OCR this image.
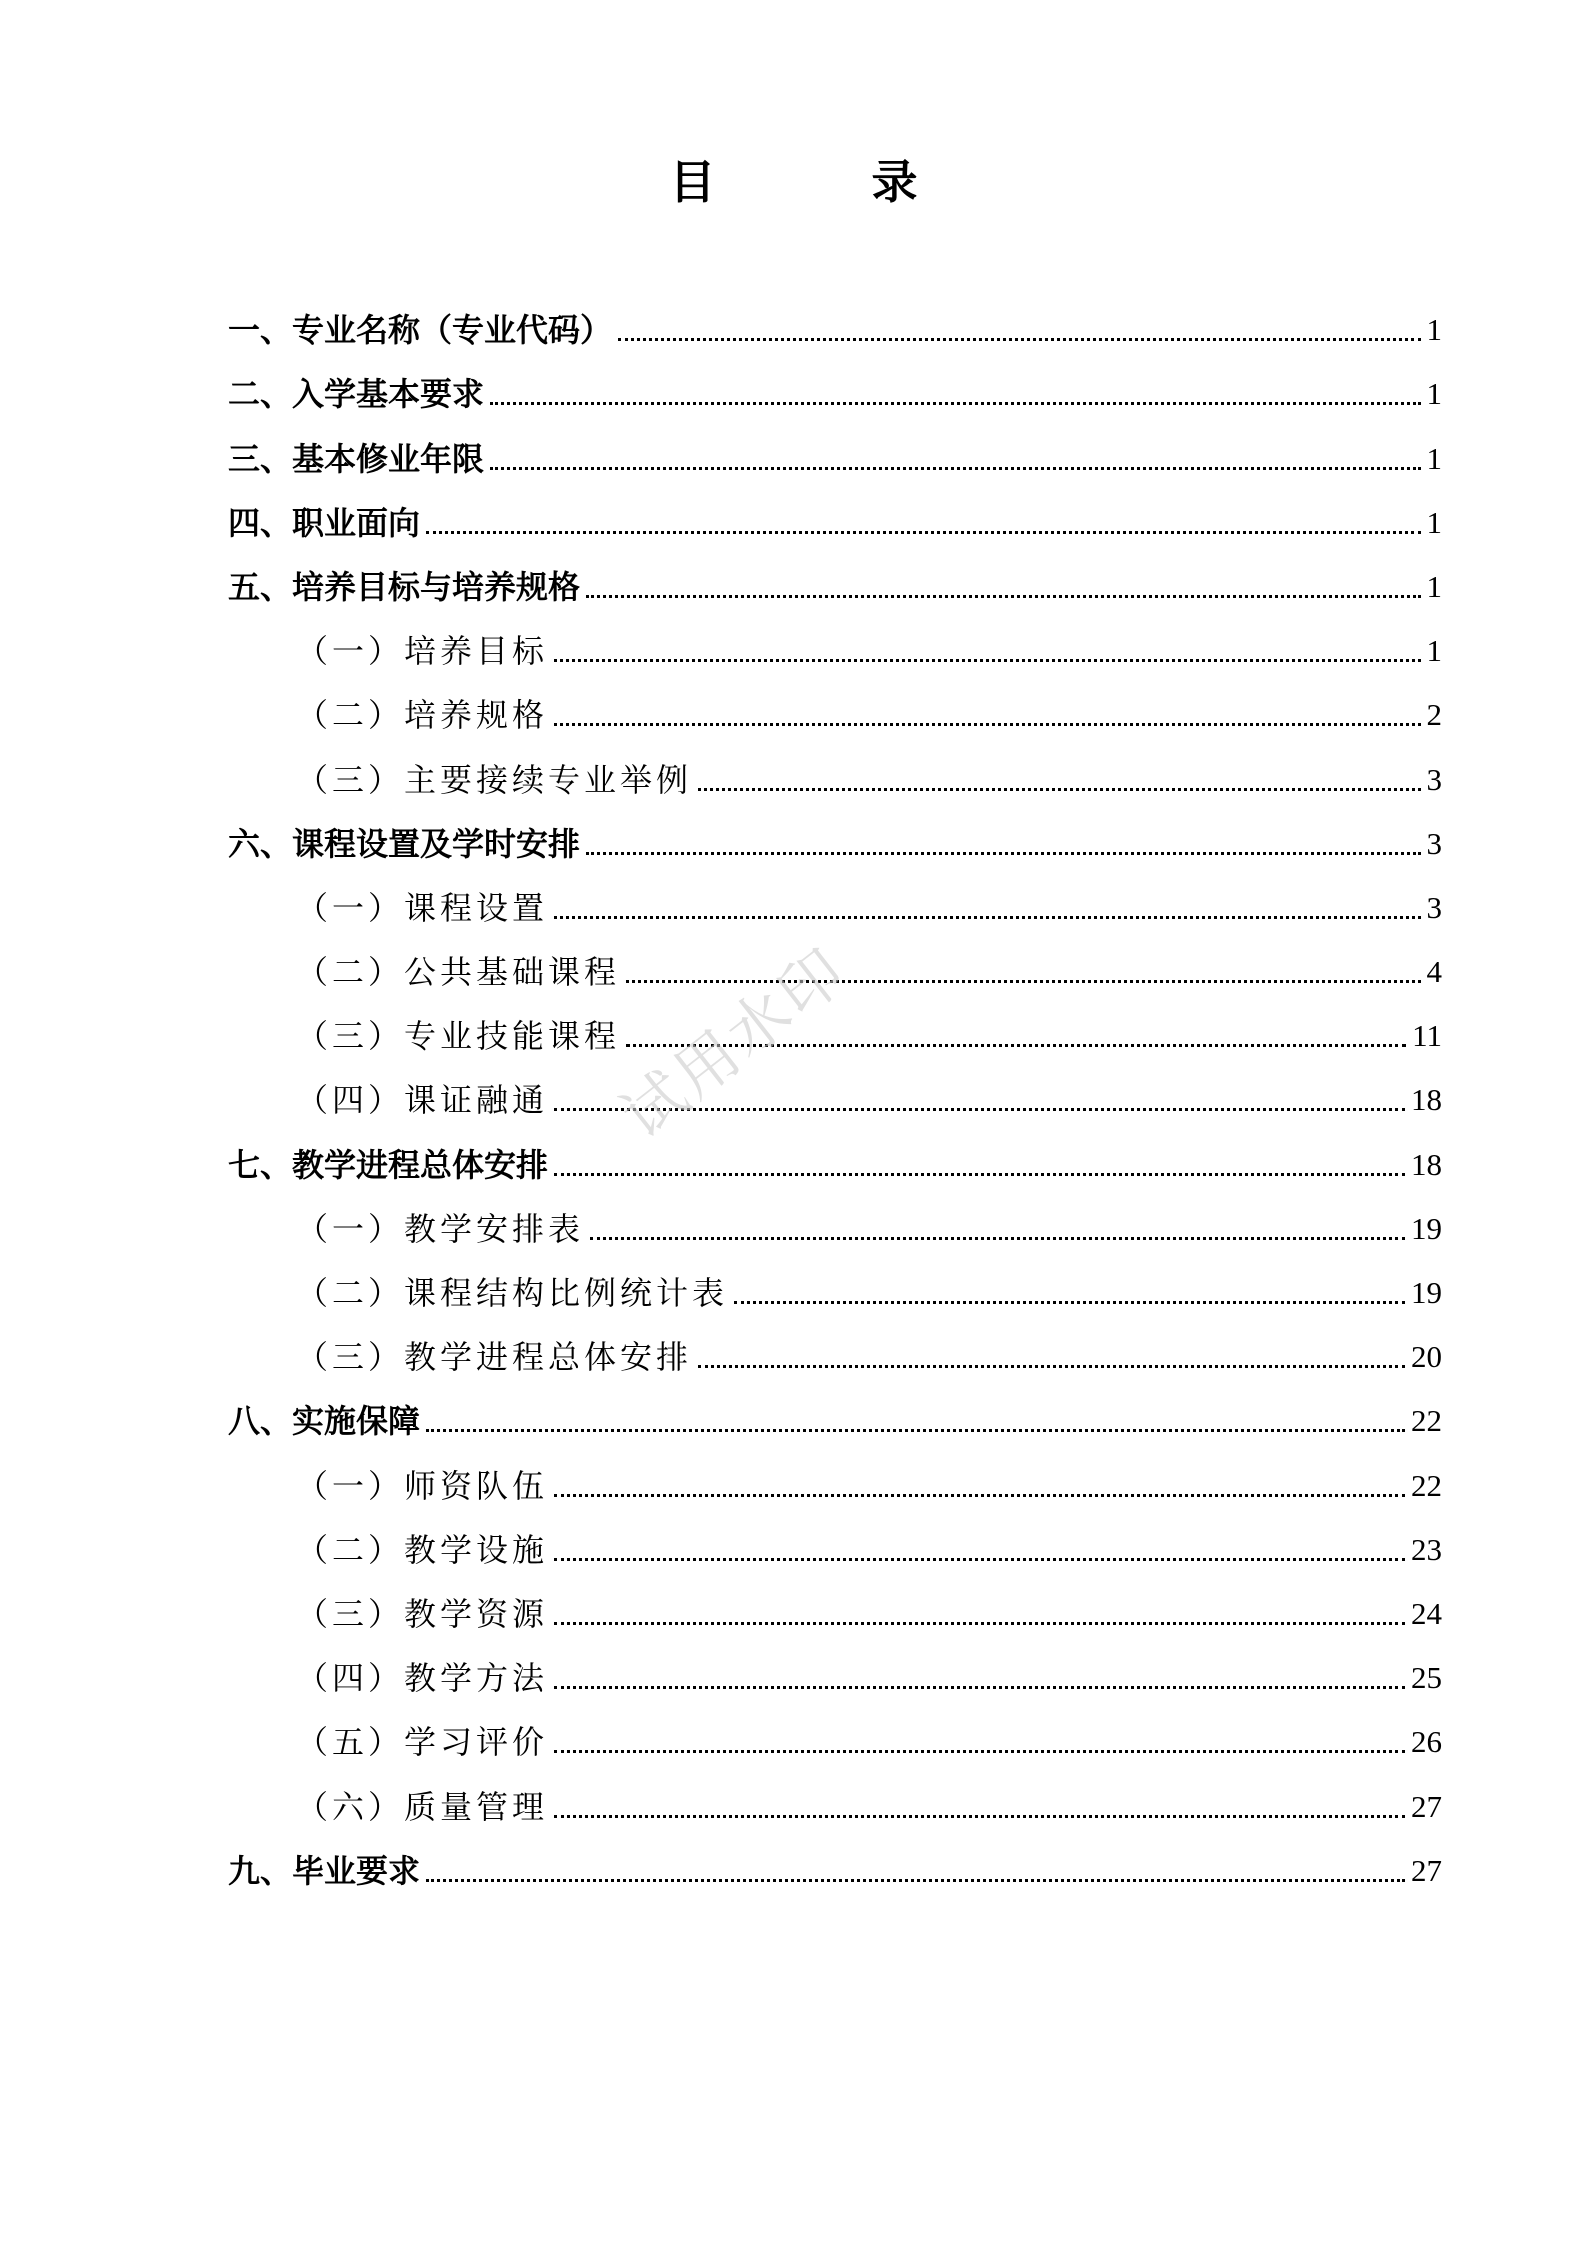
目 录
一、专业名称（专业代码）	1
二、入学基本要求	1
三、基本修业年限	1
四、职业面向	1
五、培养目标与培养规格	1
（一）培养目标	1
（二）培养规格	2
（三）主要接续专业举例	3
六、课程设置及学时安排	3
（一）课程设置	3
（二）公共基础课程	4
（三）专业技能课程	11
（四）课证融通	18
七、教学进程总体安排	18
（一）教学安排表	19
（二）课程结构比例统计表	19
（三）教学进程总体安排	20
八、实施保障	22
（一）师资队伍	22
（二）教学设施	23
（三）教学资源	24
（四）教学方法	25
（五）学习评价	26
（六）质量管理	27
九、毕业要求	27
试用水印
